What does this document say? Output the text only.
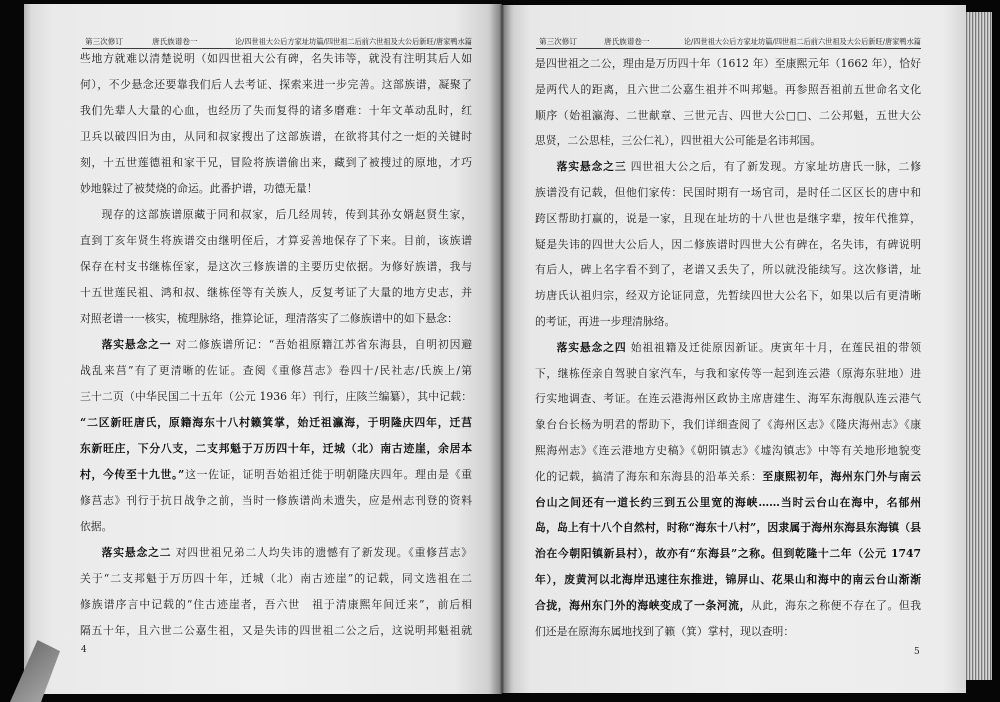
第三次修订	唐氏族谱卷一	论/四世祖大公后方家址坊篇/四世祖二后前六世祖及大公后新旺/唐家鸭水篇	第三次修订	唐氏族谱卷一	论/四世祖大公后方家址坊篇/四世祖二后前六世祖及大公后新旺/唐家鸭水篇
些地方就难以清楚说明（如四世祖大公有碑，名失讳等，就没有注明其后人如
何），不少悬念还要靠我们后人去考证、探索来进一步完善。这部族谱，凝聚了
我们先辈人大量的心血，也经历了失而复得的诸多磨难：十年文革动乱时，红
卫兵以破四旧为由，从同和叔家搜出了这部族谱，在欲将其付之一炬的关键时
刻，十五世莲德祖和家干兄，冒险将族谱偷出来，藏到了被搜过的原地，才巧
妙地躲过了被焚烧的命运。此番护谱，功德无量！
现存的这部族谱原藏于同和叔家，后几经周转，传到其孙女婿赵贤生家，
直到丁亥年贤生将族谱交由继明侄后，才算妥善地保存了下来。目前，该族谱
保存在村支书继栋侄家，是这次三修族谱的主要历史依据。为修好族谱，我与
十五世莲民祖、鸿和叔、继栋侄等有关族人，反复考证了大量的地方史志，并
对照老谱一一核实，梳理脉络，推算论证，理清落实了二修族谱中的如下悬念：
落实悬念之一 对二修族谱所记：“吾始祖原籍江苏省东海县，自明初因避
战乱来莒”有了更清晰的佐证。查阅《重修莒志》卷四十/民社志/氏族上/第
三十二页（中华民国二十五年（公元 1936 年）刊行，庄陔兰编纂），其中记载：
“二区新旺唐氏，原籍海东十八村籁箕掌，始迁祖瀛海，于明隆庆四年，迁莒
东新旺庄，下分八支，二支邦魁于万历四十年，迁城（北）南古迹崖，余居本
村，今传至十九世。”这一佐证，证明吾始祖迁徙于明朝隆庆四年。理由是《重
修莒志》刊行于抗日战争之前，当时一修族谱尚未遗失，应是州志刊登的资料
依据。
落实悬念之二 对四世祖兄弟二人均失讳的遗憾有了新发现。《重修莒志》
关于“二支邦魁于万历四十年，迁城（北）南古迹崖”的记载，同文选祖在二
修族谱序言中记载的“住古迹崖者，吾六世　祖于清康熙年间迁来”，前后相
隔五十年，且六世二公嘉生祖，又是失讳的四世祖二公之后，这说明邦魁祖就
是四世祖之二公，理由是万历四十年（1612 年）至康熙元年（1662 年），恰好
是两代人的距离，且六世二公嘉生祖并不叫邦魁。再参照吾祖前五世命名文化
顺序（始祖瀛海、二世献章、三世元吉、四世大公□□、二公邦魁，五世大公
思贤，二公思桂，三公仁礼），四世祖大公可能是名讳邦国。
落实悬念之三 四世祖大公之后，有了新发现。方家址坊唐氏一脉，二修
族谱没有记载，但他们家传：民国时期有一场官司，是时任二区区长的唐中和
跨区帮助打赢的，说是一家，且现在址坊的十八世也是继字辈，按年代推算，
疑是失讳的四世大公后人，因二修族谱时四世大公有碑在，名失讳，有碑说明
有后人，碑上名字看不到了，老谱又丢失了，所以就没能续写。这次修谱，址
坊唐氏认祖归宗，经双方论证同意，先暂续四世大公名下，如果以后有更清晰
的考证，再进一步理清脉络。
落实悬念之四 始祖祖籍及迁徙原因新证。庚寅年十月，在莲民祖的带领
下，继栋侄亲自驾驶自家汽车，与我和家传等一起到连云港（原海东驻地）进
行实地调查、考证。在连云港海州区政协主席唐建生、海军东海舰队连云港气
象台台长杨为明君的帮助下，我们详细查阅了《海州区志》《隆庆海州志》《康
熙海州志》《连云港地方史稿》《朝阳镇志》《墟沟镇志》中等有关地形地貌变
化的记载，搞清了海东和东海县的沿革关系：至康熙初年，海州东门外与南云
台山之间还有一道长约三到五公里宽的海峡……当时云台山在海中，名郁州
岛，岛上有十八个自然村，时称“海东十八村”，因隶属于海州东海县东海镇（县
治在今朝阳镇新县村），故亦有“东海县”之称。但到乾隆十二年（公元 1747
年），废黄河以北海岸迅速往东推进，锦屏山、花果山和海中的南云台山渐渐
合拢，海州东门外的海峡变成了一条河流，从此，海东之称便不存在了。但我
们还是在原海东属地找到了籁（箕）掌村，现以查明：
4	5
